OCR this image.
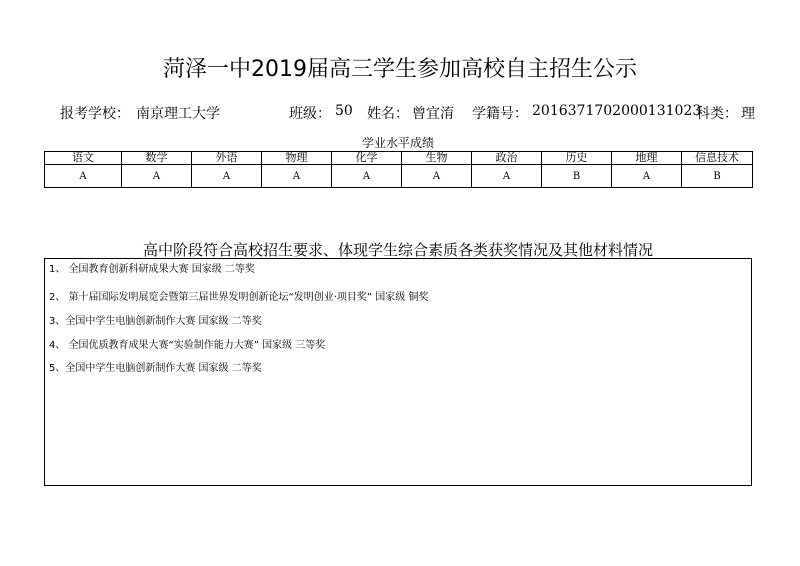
菏泽一中2019届高三学生参加高校自主招生公示
报考学校： 南京理工大学	班级： 50 姓名： 曾宜淯 学籍号： 2016371702000131023
科类： 理
学业水平成绩
语文	数学	外语	物理	化学	生物	政治	历史	地理	信息技术
A	A	A	A	A	A	A	B	A	B
高中阶段符合高校招生要求、体现学生综合素质各类获奖情况及其他材料情况
1、 全国教育创新科研成果大赛 国家级 二等奖
2、 第十届国际发明展览会暨第三届世界发明创新论坛“发明创业·项目奖” 国家级 铜奖
3、全国中学生电脑创新制作大赛 国家级 二等奖
4、 全国优质教育成果大赛“实验制作能力大赛” 国家级 三等奖
5、全国中学生电脑创新制作大赛 国家级 二等奖
